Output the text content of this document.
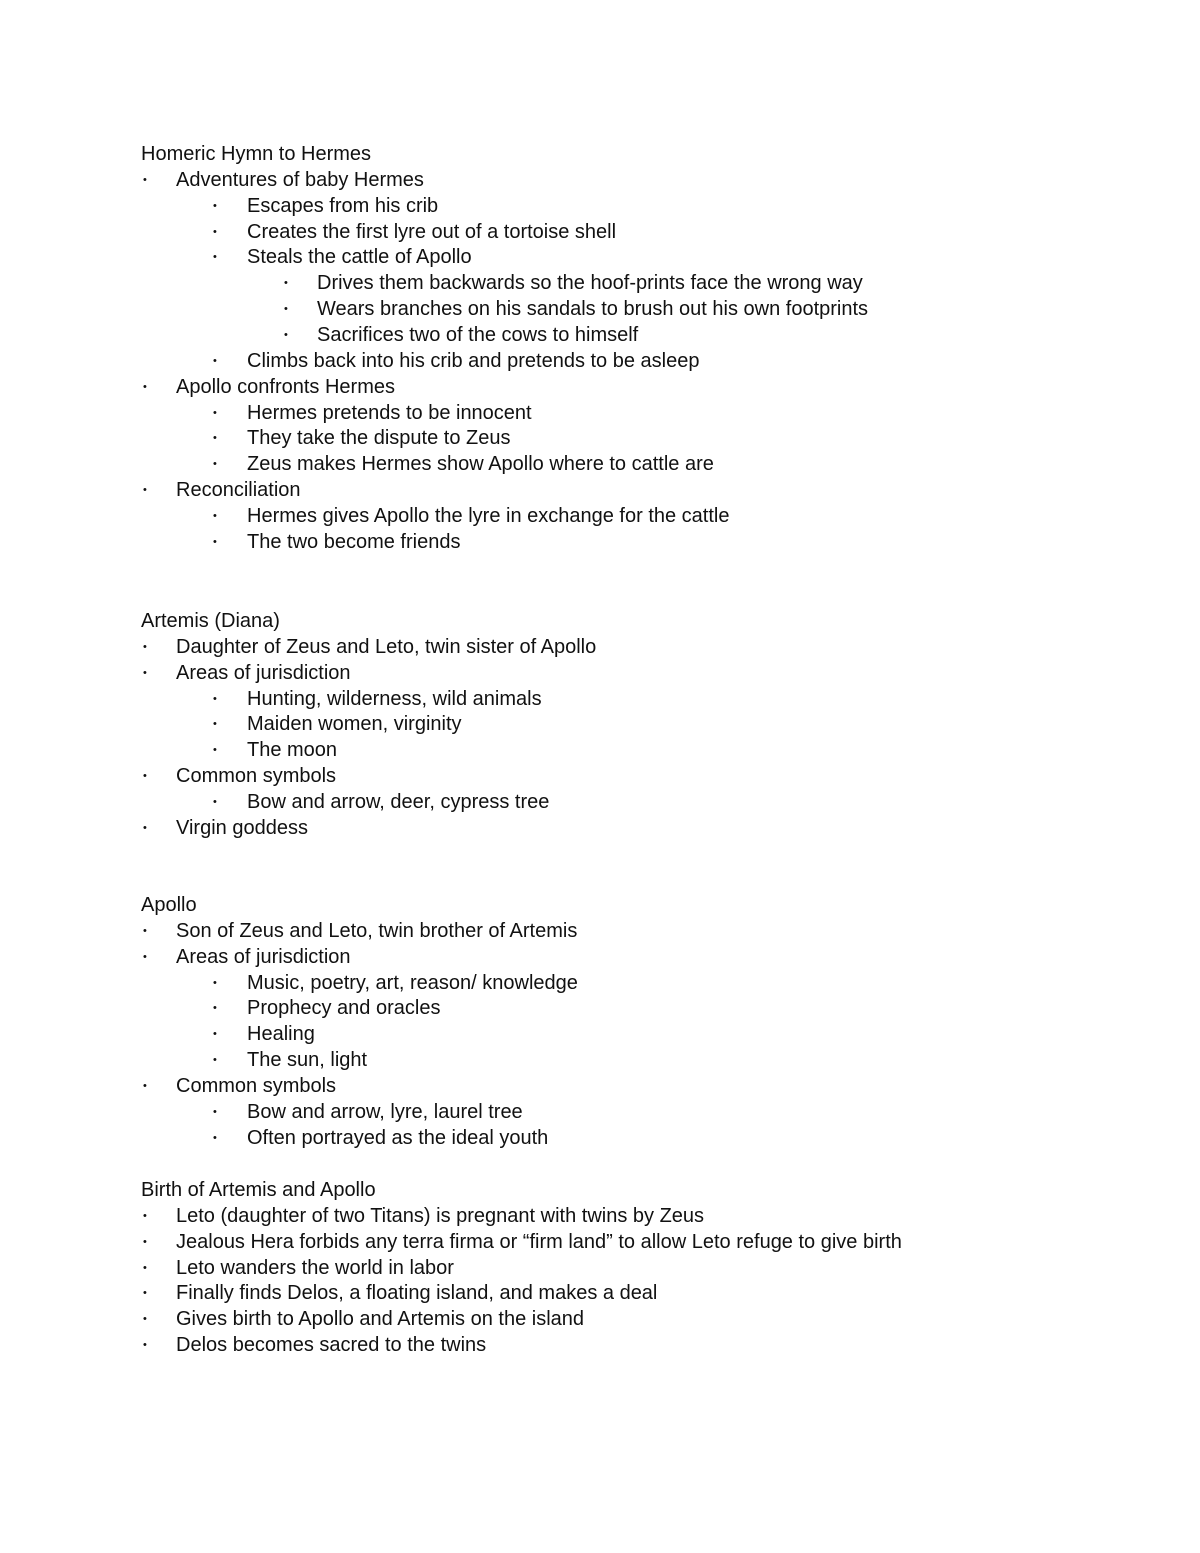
Homeric Hymn to Hermes
• Adventures of baby Hermes
• Escapes from his crib
• Creates the first lyre out of a tortoise shell
• Steals the cattle of Apollo
• Drives them backwards so the hoof-prints face the wrong way
• Wears branches on his sandals to brush out his own footprints
• Sacrifices two of the cows to himself
• Climbs back into his crib and pretends to be asleep
• Apollo confronts Hermes
• Hermes pretends to be innocent
• They take the dispute to Zeus
• Zeus makes Hermes show Apollo where to cattle are
• Reconciliation
• Hermes gives Apollo the lyre in exchange for the cattle
• The two become friends
Artemis (Diana)
• Daughter of Zeus and Leto, twin sister of Apollo
• Areas of jurisdiction
• Hunting, wilderness, wild animals
• Maiden women, virginity
• The moon
• Common symbols
• Bow and arrow, deer, cypress tree
• Virgin goddess
Apollo
• Son of Zeus and Leto, twin brother of Artemis
• Areas of jurisdiction
• Music, poetry, art, reason/ knowledge
• Prophecy and oracles
• Healing
• The sun, light
• Common symbols
• Bow and arrow, lyre, laurel tree
• Often portrayed as the ideal youth
Birth of Artemis and Apollo
• Leto (daughter of two Titans) is pregnant with twins by Zeus
• Jealous Hera forbids any terra firma or “firm land” to allow Leto refuge to give birth
• Leto wanders the world in labor
• Finally finds Delos, a floating island, and makes a deal
• Gives birth to Apollo and Artemis on the island
• Delos becomes sacred to the twins
